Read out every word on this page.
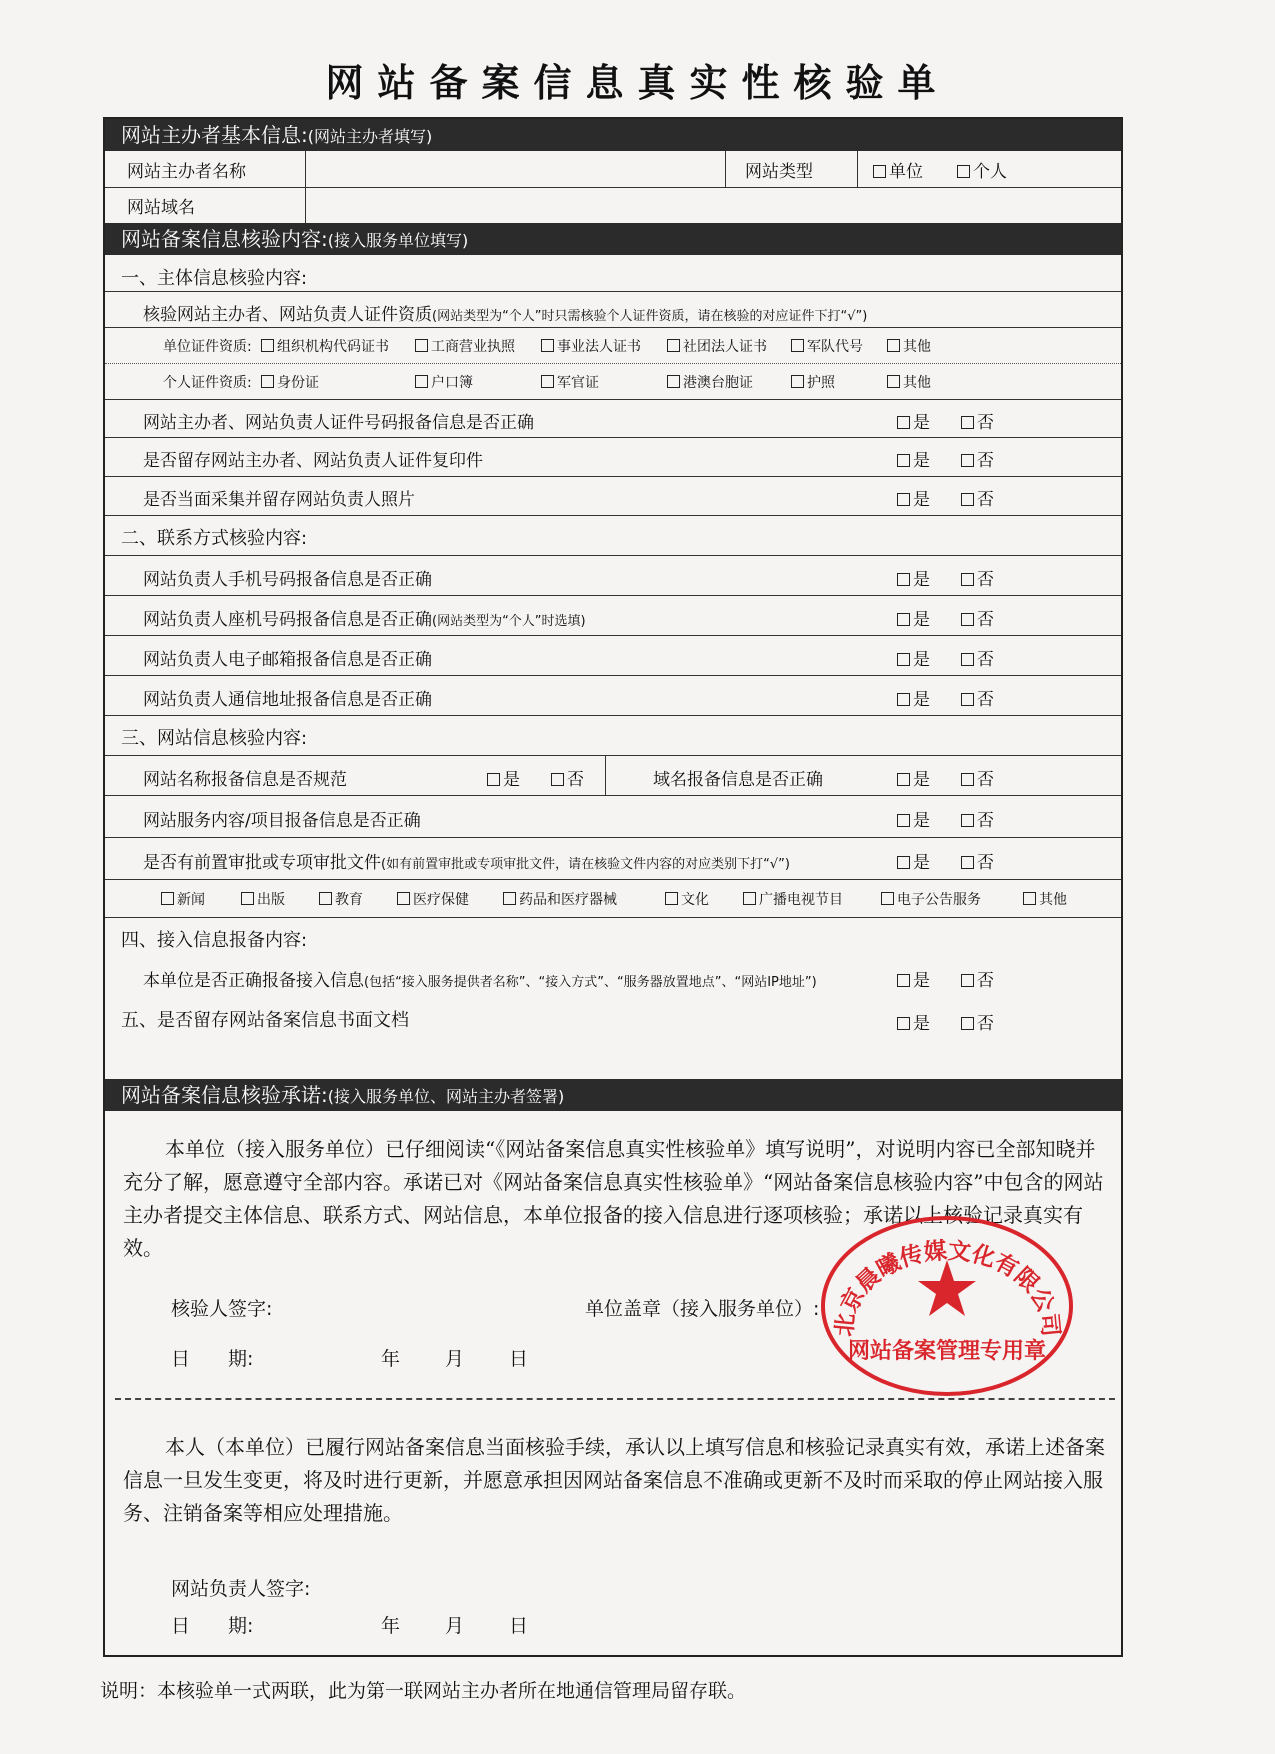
网站备案信息真实性核验单
网站主办者基本信息:(网站主办者填写)
网站主办者名称	网站类型	单位	个人
网站域名
网站备案信息核验内容:(接入服务单位填写)
一、主体信息核验内容:
核验网站主办者、网站负责人证件资质(网站类型为“个人”时只需核验个人证件资质，请在核验的对应证件下打“√”)
单位证件资质:	组织机构代码证书	工商营业执照	事业法人证书	社团法人证书	军队代号	其他
个人证件资质:	身份证	户口簿	军官证	港澳台胞证	护照	其他
网站主办者、网站负责人证件号码报备信息是否正确	是	否
是否留存网站主办者、网站负责人证件复印件	是	否
是否当面采集并留存网站负责人照片	是	否
二、联系方式核验内容:
网站负责人手机号码报备信息是否正确	是	否
网站负责人座机号码报备信息是否正确(网站类型为“个人”时选填)	是	否
网站负责人电子邮箱报备信息是否正确	是	否
网站负责人通信地址报备信息是否正确	是	否
三、网站信息核验内容:
网站名称报备信息是否规范	是	否	域名报备信息是否正确	是	否
网站服务内容/项目报备信息是否正确	是	否
是否有前置审批或专项审批文件(如有前置审批或专项审批文件，请在核验文件内容的对应类别下打“√”)	是	否
新闻	出版	教育	医疗保健	药品和医疗器械	文化	广播电视节目	电子公告服务	其他
四、接入信息报备内容:
本单位是否正确报备接入信息(包括“接入服务提供者名称”、“接入方式”、“服务器放置地点”、“网站IP地址”)	是	否
五、是否留存网站备案信息书面文档	是	否
网站备案信息核验承诺:(接入服务单位、网站主办者签署)
本单位（接入服务单位）已仔细阅读“《网站备案信息真实性核验单》填写说明”，对说明内容已全部知晓并充分了解，愿意遵守全部内容。承诺已对《网站备案信息真实性核验单》“网站备案信息核验内容”中包含的网站主办者提交主体信息、联系方式、网站信息，本单位报备的接入信息进行逐项核验；承诺以上核验记录真实有效。
核验人签字:	单位盖章（接入服务单位）:
日　　期:	年 月 日
本人（本单位）已履行网站备案信息当面核验手续，承认以上填写信息和核验记录真实有效，承诺上述备案信息一旦发生变更，将及时进行更新，并愿意承担因网站备案信息不准确或更新不及时而采取的停止网站接入服务、注销备案等相应处理措施。
网站负责人签字:
日　　期:	年 月 日
北京晨曦传媒文化有限公司
网站备案管理专用章
说明：本核验单一式两联，此为第一联网站主办者所在地通信管理局留存联。
